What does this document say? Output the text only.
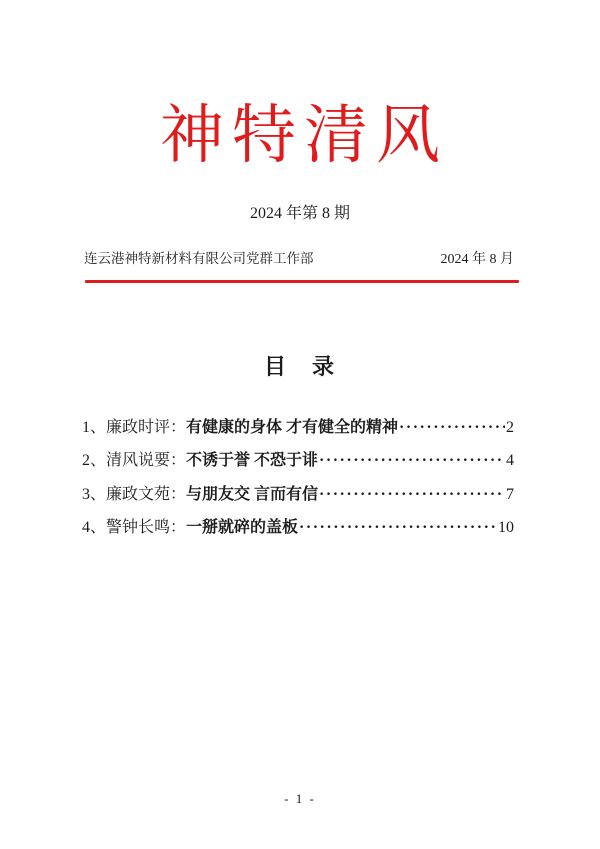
神特清风
2024 年第 8 期
连云港神特新材料有限公司党群工作部	2024 年 8 月
目　录
1、廉政时评： 有健康的身体 才有健全的精神 ·····	2
2、清风说要： 不诱于誉 不恐于诽 ·····	4
3、廉政文苑： 与朋友交 言而有信 ·····	7
4、警钟长鸣： 一掰就碎的盖板 ·····	10
- 1 -
